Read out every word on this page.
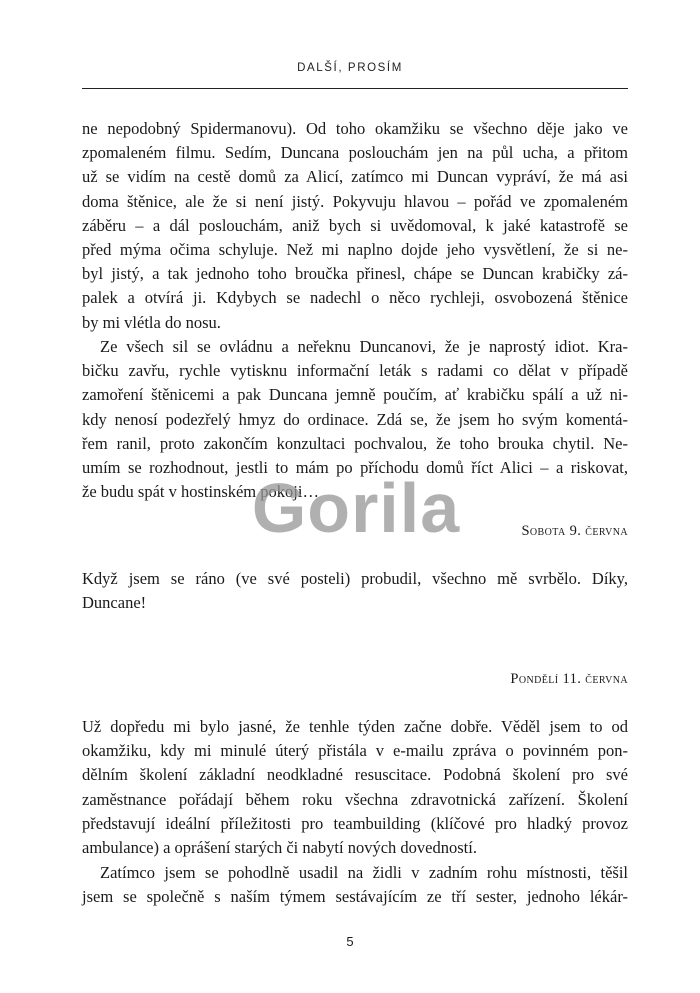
DALŠÍ, PROSÍM
ne nepodobný Spidermanovu). Od toho okamžiku se všechno děje jako ve
zpomaleném filmu. Sedím, Duncana poslouchám jen na půl ucha, a přitom
už se vidím na cestě domů za Alicí, zatímco mi Duncan vypráví, že má asi
doma štěnice, ale že si není jistý. Pokyvuju hlavou – pořád ve zpomaleném
záběru – a dál poslouchám, aniž bych si uvědomoval, k jaké katastrofě se
před mýma očima schyluje. Než mi naplno dojde jeho vysvětlení, že si ne-
byl jistý, a tak jednoho toho broučka přinesl, chápe se Duncan krabičky zá-
palek a otvírá ji. Kdybych se nadechl o něco rychleji, osvobozená štěnice
by mi vlétla do nosu.
Ze všech sil se ovládnu a neřeknu Duncanovi, že je naprostý idiot. Kra-
bičku zavřu, rychle vytisknu informační leták s radami co dělat v případě
zamoření štěnicemi a pak Duncana jemně poučím, ať krabičku spálí a už ni-
kdy nenosí podezřelý hmyz do ordinace. Zdá se, že jsem ho svým komentá-
řem ranil, proto zakončím konzultaci pochvalou, že toho brouka chytil. Ne-
umím se rozhodnout, jestli to mám po příchodu domů říct Alici – a riskovat,
že budu spát v hostinském pokoji…
Gorila	Sobota 9. června
Když jsem se ráno (ve své posteli) probudil, všechno mě svrbělo. Díky,
Duncane!
Pondělí 11. června
Už dopředu mi bylo jasné, že tenhle týden začne dobře. Věděl jsem to od
okamžiku, kdy mi minulé úterý přistála v e-mailu zpráva o povinném pon-
dělním školení základní neodkladné resuscitace. Podobná školení pro své
zaměstnance pořádají během roku všechna zdravotnická zařízení. Školení
představují ideální příležitosti pro teambuilding (klíčové pro hladký provoz
ambulance) a oprášení starých či nabytí nových dovedností.
Zatímco jsem se pohodlně usadil na židli v zadním rohu místnosti, těšil
jsem se společně s naším týmem sestávajícím ze tří sester, jednoho lékár-
5
